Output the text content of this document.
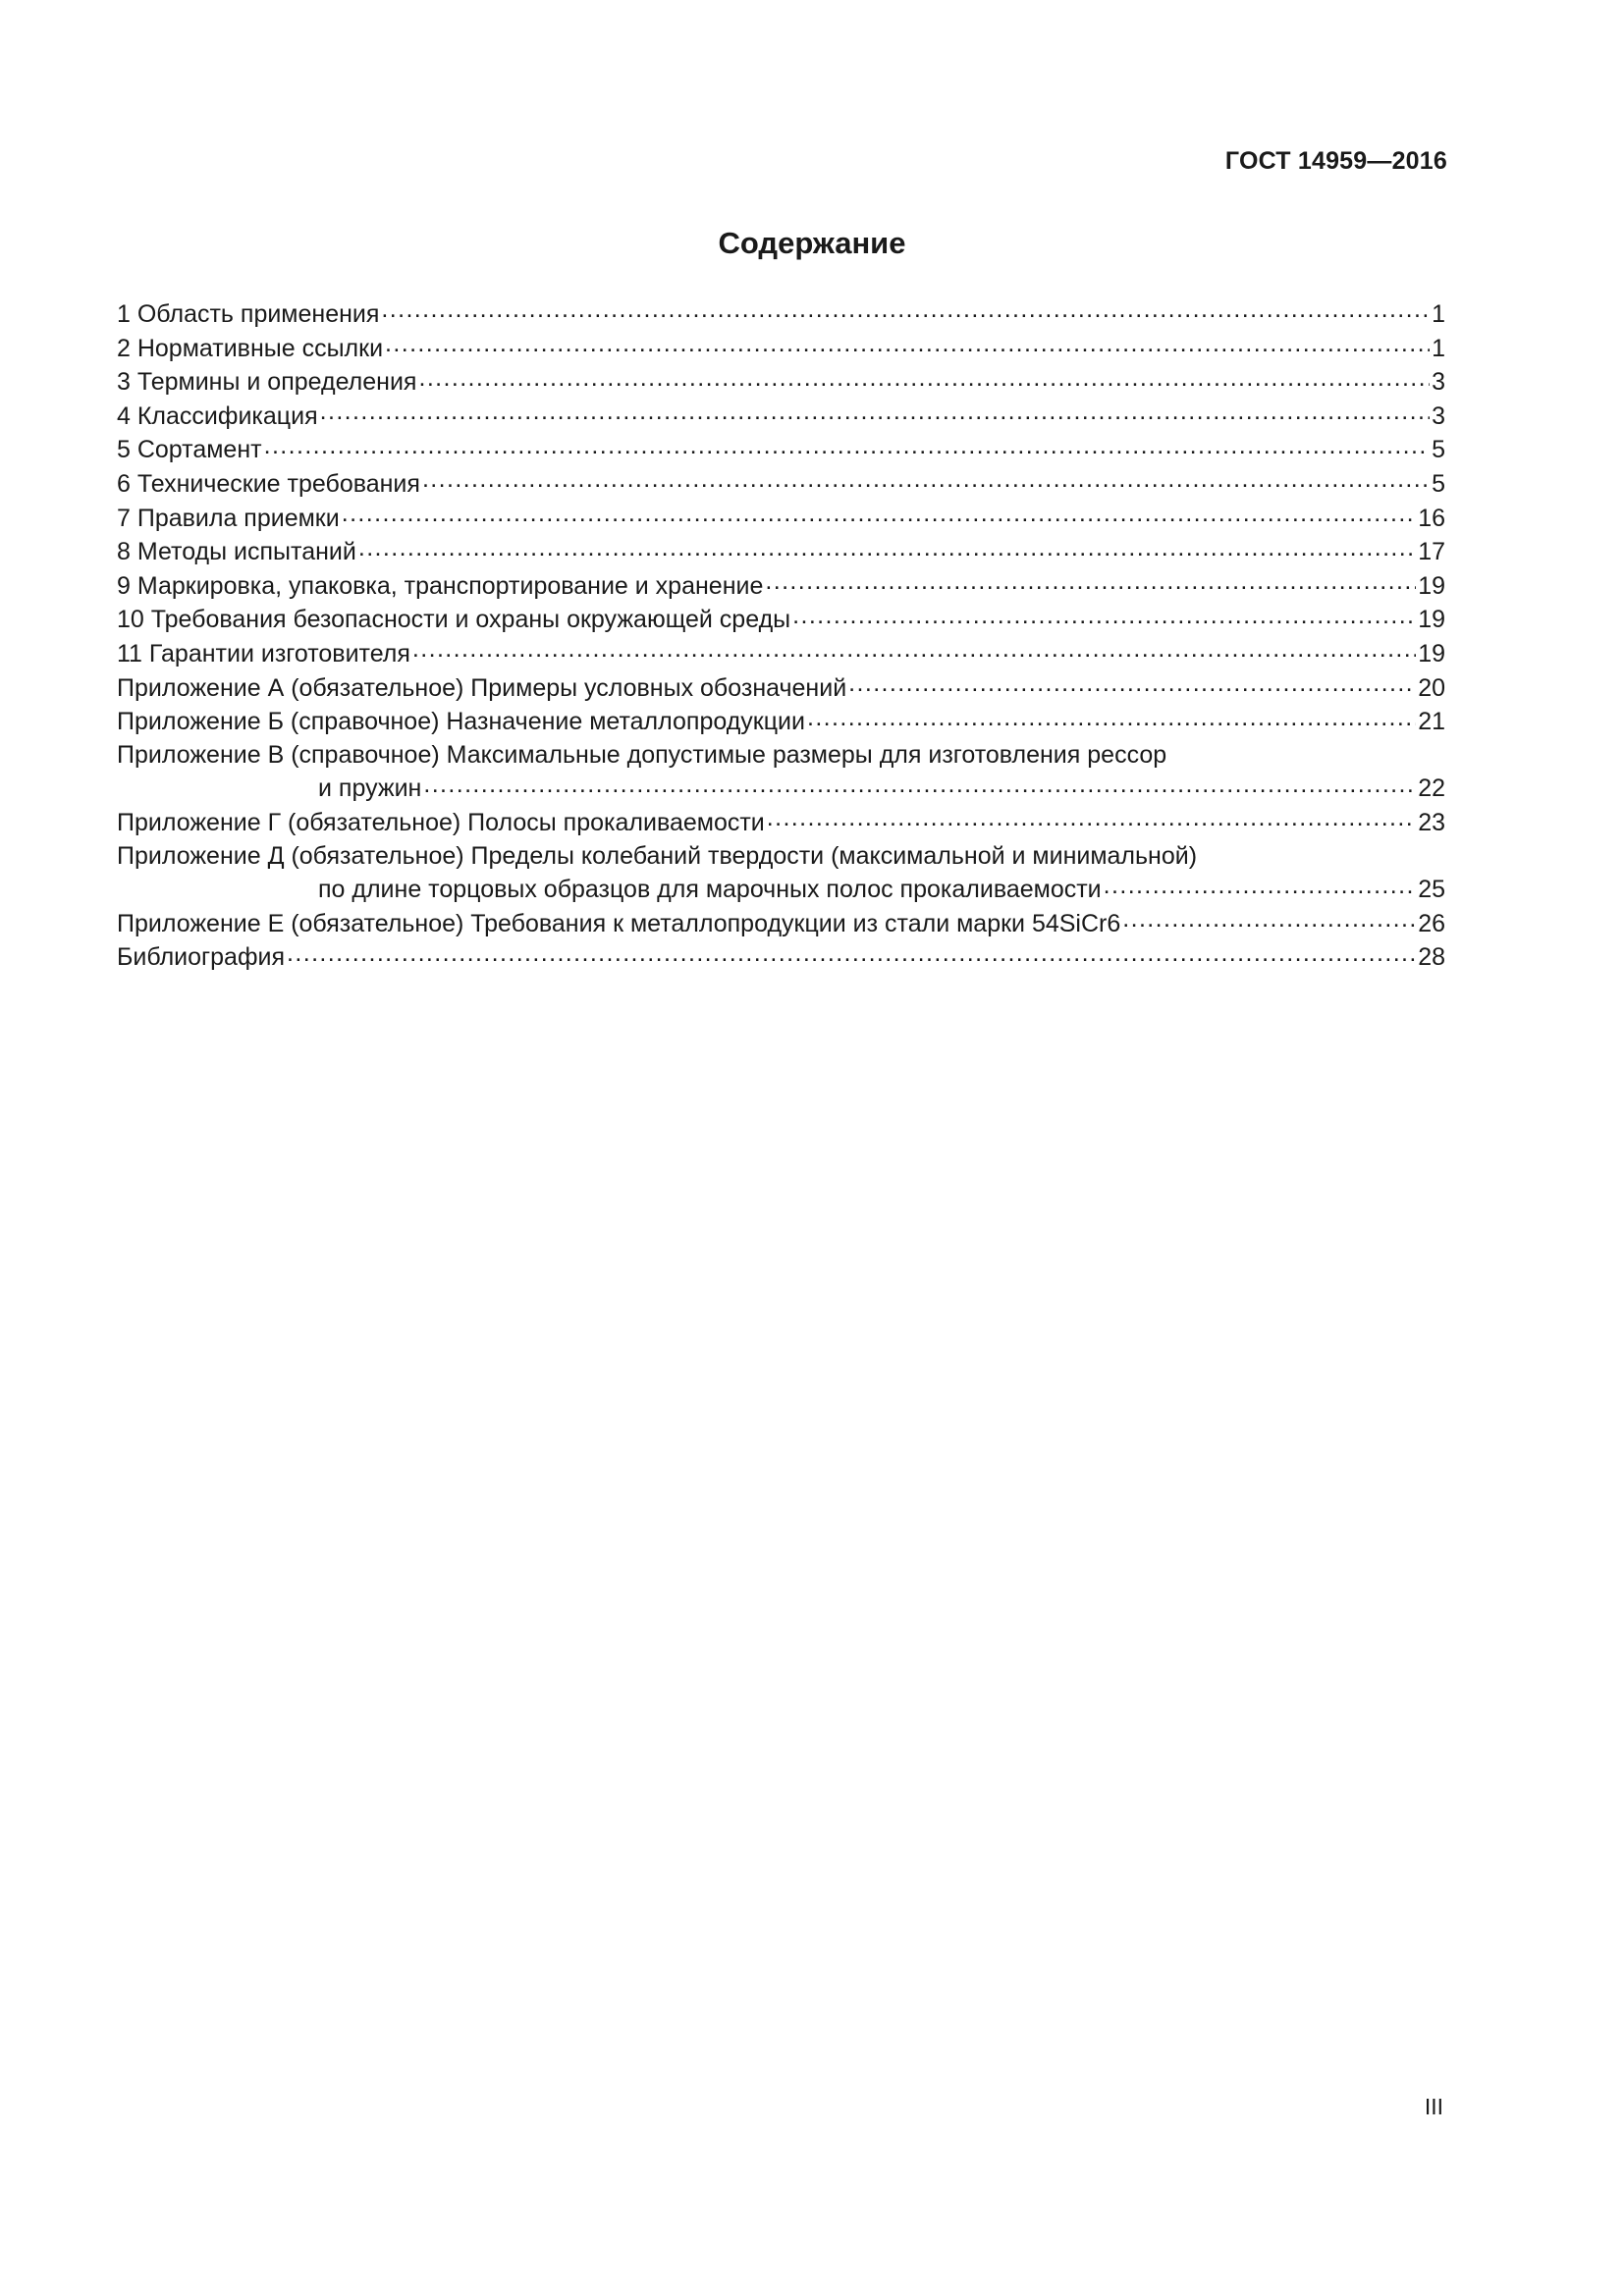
ГОСТ 14959—2016
Содержание
1 Область применения .....	1
2 Нормативные ссылки .....	1
3 Термины и определения .....	3
4 Классификация .....	3
5 Сортамент .....	5
6 Технические требования .....	5
7 Правила приемки .....	16
8 Методы испытаний .....	17
9 Маркировка, упаковка, транспортирование и хранение .....	19
10 Требования безопасности и охраны окружающей среды .....	19
11 Гарантии изготовителя .....	19
Приложение А (обязательное) Примеры условных обозначений .....	20
Приложение Б (справочное) Назначение металлопродукции .....	21
Приложение В (справочное) Максимальные допустимые размеры для изготовления рессор
и пружин .....	22
Приложение Г (обязательное) Полосы прокаливаемости .....	23
Приложение Д (обязательное) Пределы колебаний твердости (максимальной и минимальной)
по длине торцовых образцов для марочных полос прокаливаемости .....	25
Приложение Е (обязательное) Требования к металлопродукции из стали марки 54SiCr6 .....	26
Библиография .....	28
III
